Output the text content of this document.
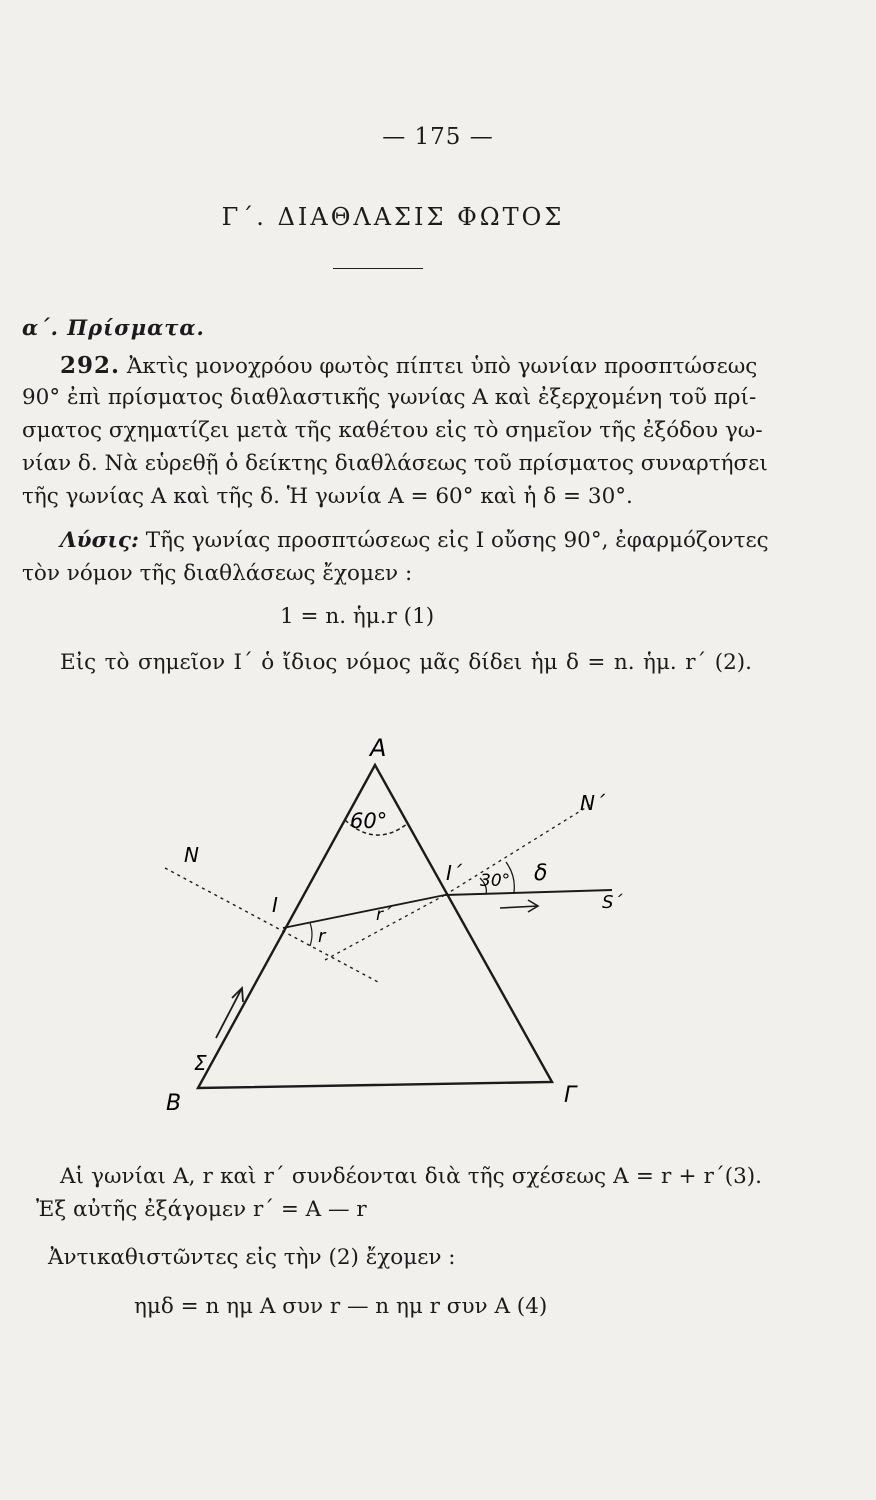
— 175 —
Γ΄. ΔΙΑΘΛΑΣΙΣ ΦΩΤΟΣ
α΄. Πρίσματα.
292. Ἀκτὶς μονοχρόου φωτὸς πίπτει ὑπὸ γωνίαν προσπτώσεως
90° ἐπὶ πρίσματος διαθλαστικῆς γωνίας Α καὶ ἐξερχομένη τοῦ πρί-
σματος σχηματίζει μετὰ τῆς καθέτου εἰς τὸ σημεῖον τῆς ἐξόδου γω-
νίαν δ. Νὰ εὑρεθῇ ὁ δείκτης διαθλάσεως τοῦ πρίσματος συναρτήσει
τῆς γωνίας Α καὶ τῆς δ. Ἡ γωνία Α = 60° καὶ ἡ δ = 30°.
Λύσις: Τῆς γωνίας προσπτώσεως εἰς Ι οὔσης 90°, ἐφαρμόζοντες
τὸν νόμον τῆς διαθλάσεως ἔχομεν :
1 = n. ἡμ.r (1)
Εἰς τὸ σημεῖον Ι΄ ὁ ἴδιος νόμος μᾶς δίδει ἡμ δ = n. ἡμ. r΄ (2).
A
60°
B	Γ
I
I΄
N
N΄
Σ
S΄
r
r΄
30° δ
Αἱ γωνίαι Α, r καὶ r΄ συνδέονται διὰ τῆς σχέσεως Α = r + r΄(3).
Ἐξ αὐτῆς ἐξάγομεν r΄ = Α — r
Ἀντικαθιστῶντες εἰς τὴν (2) ἔχομεν :
ημδ = n ημ Α συν r — n ημ r συν Α (4)
